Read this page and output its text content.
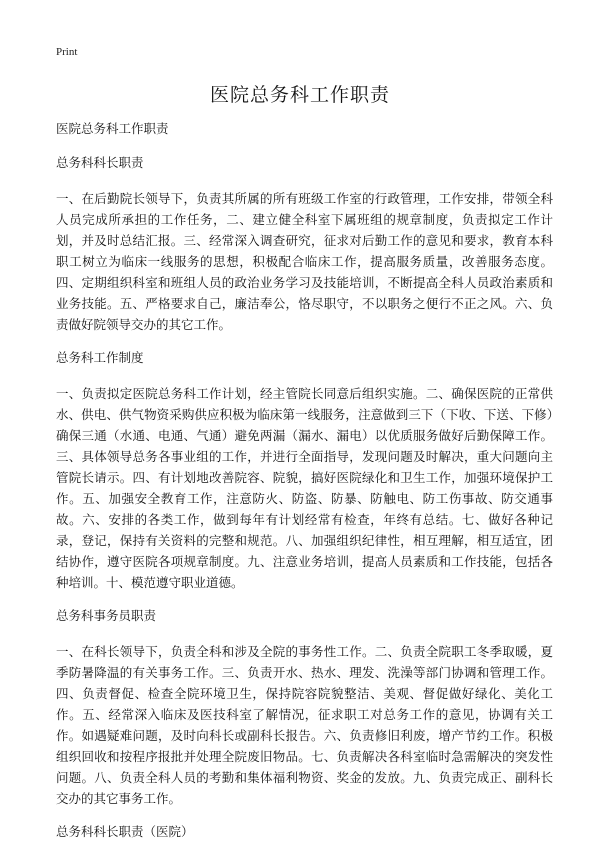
Print
医院总务科工作职责
医院总务科工作职责
总务科科长职责
一、在后勤院长领导下，负责其所属的所有班级工作室的行政管理，工作安排，带领全科人员完成所承担的工作任务，二、建立健全科室下属班组的规章制度，负责拟定工作计划，并及时总结汇报。三、经常深入调查研究，征求对后勤工作的意见和要求，教育本科职工树立为临床一线服务的思想，积极配合临床工作，提高服务质量，改善服务态度。四、定期组织科室和班组人员的政治业务学习及技能培训，不断提高全科人员政治素质和业务技能。五、严格要求自己，廉洁奉公，恪尽职守，不以职务之便行不正之风。六、负责做好院领导交办的其它工作。
总务科工作制度
一、负责拟定医院总务科工作计划，经主管院长同意后组织实施。二、确保医院的正常供水、供电、供气物资采购供应积极为临床第一线服务，注意做到三下（下收、下送、下修）确保三通（水通、电通、气通）避免两漏（漏水、漏电）以优质服务做好后勤保障工作。三、具体领导总务各事业组的工作，并进行全面指导，发现问题及时解决，重大问题向主管院长请示。四、有计划地改善院容、院貌，搞好医院绿化和卫生工作，加强环境保护工作。五、加强安全教育工作，注意防火、防盗、防暴、防触电、防工伤事故、防交通事故。六、安排的各类工作，做到每年有计划经常有检查，年终有总结。七、做好各种记录，登记，保持有关资料的完整和规范。八、加强组织纪律性，相互理解，相互适宜，团结协作，遵守医院各项规章制度。九、注意业务培训，提高人员素质和工作技能，包括各种培训。十、模范遵守职业道德。
总务科事务员职责
一、在科长领导下，负责全科和涉及全院的事务性工作。二、负责全院职工冬季取暖，夏季防暑降温的有关事务工作。三、负责开水、热水、理发、洗澡等部门协调和管理工作。四、负责督促、检查全院环境卫生，保持院容院貌整洁、美观、督促做好绿化、美化工作。五、经常深入临床及医技科室了解情况，征求职工对总务工作的意见，协调有关工作。如遇疑难问题，及时向科长或副科长报告。六、负责修旧利废，增产节约工作。积极组织回收和按程序报批并处理全院废旧物品。七、负责解决各科室临时急需解决的突发性问题。八、负责全科人员的考勤和集体福利物资、奖金的发放。九、负责完成正、副科长交办的其它事务工作。
总务科科长职责（医院）
